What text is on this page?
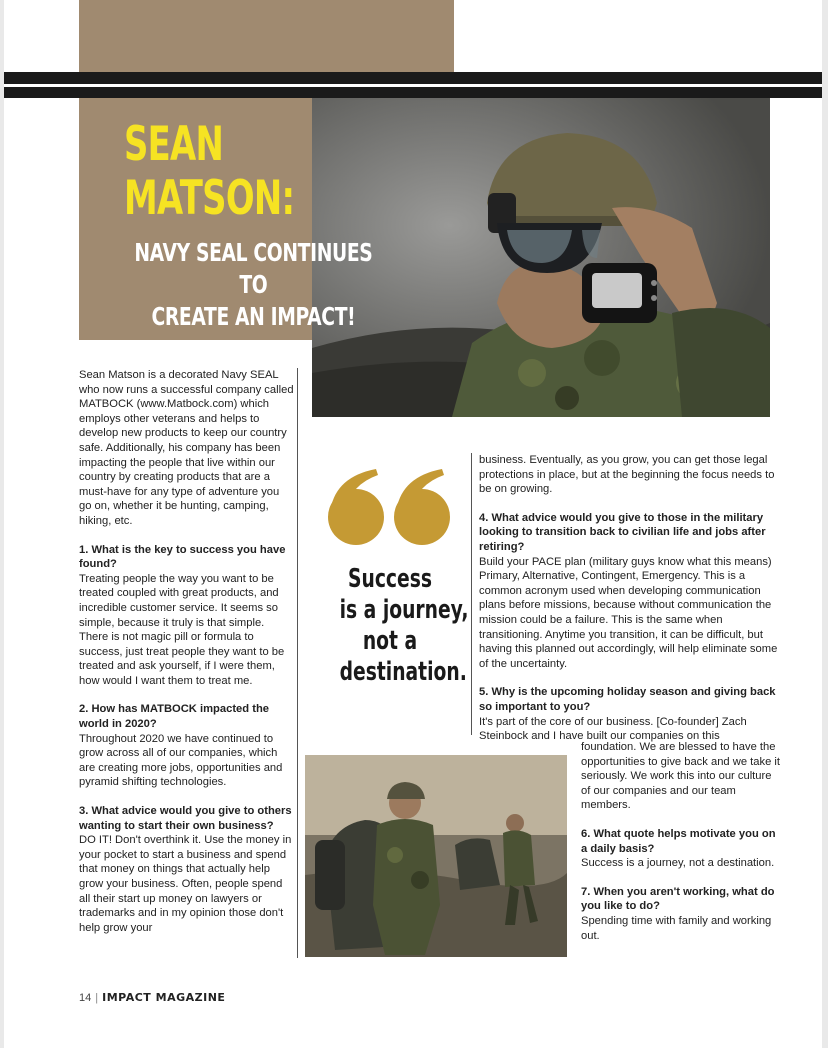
SEAN
MATSON:
NAVY SEAL CONTINUES TO
CREATE AN IMPACT!

Sean Matson is a decorated Navy SEAL who now runs a successful company called MATBOCK (www.Matbock.com) which employs other veterans and helps to develop new products to keep our country safe. Additionally, his company has been impacting the people that live within our country by creating products that are a must-have for any type of adventure you go on, whether it be hunting, camping, hiking, etc.

1. What is the key to success you have found?

Treating people the way you want to be treated coupled with great products, and incredible customer service. It seems so simple, because it truly is that simple. There is not magic pill or formula to success, just treat people they want to be treated and ask yourself, if I were them, how would I want them to treat me.

2. How has MATBOCK impacted the world in 2020?

Throughout 2020 we have continued to grow across all of our companies, which are creating more jobs, opportunities and pyramid shifting technologies.

3. What advice would you give to others wanting to start their own business?

DO IT! Don't overthink it. Use the money in your pocket to start a business and spend that money on things that actually help grow your business. Often, people spend all their start up money on lawyers or trademarks and in my opinion those don't help grow your

Success
is a journey,
not a
destination.

business. Eventually, as you grow, you can get those legal protections in place, but at the beginning the focus needs to be on growing.

4. What advice would you give to those in the military looking to transition back to civilian life and jobs after retiring?

Build your PACE plan (military guys know what this means) Primary, Alternative, Contingent, Emergency. This is a common acronym used when developing communication plans before missions, because without communication the mission could be a failure. This is the same when transitioning. Anytime you transition, it can be difficult, but having this planned out accordingly, will help eliminate some of the uncertainty.

5. Why is the upcoming holiday season and giving back so important to you?

It's part of the core of our business. [Co-founder] Zach Steinbock and I have built our companies on this

foundation. We are blessed to have the opportunities to give back and we take it seriously. We work this into our culture of our companies and our team members.

6. What quote helps motivate you on a daily basis?

Success is a journey, not a destination.

7. When you aren't working, what do you like to do?

Spending time with family and working out.

14 | IMPACT MAGAZINE
